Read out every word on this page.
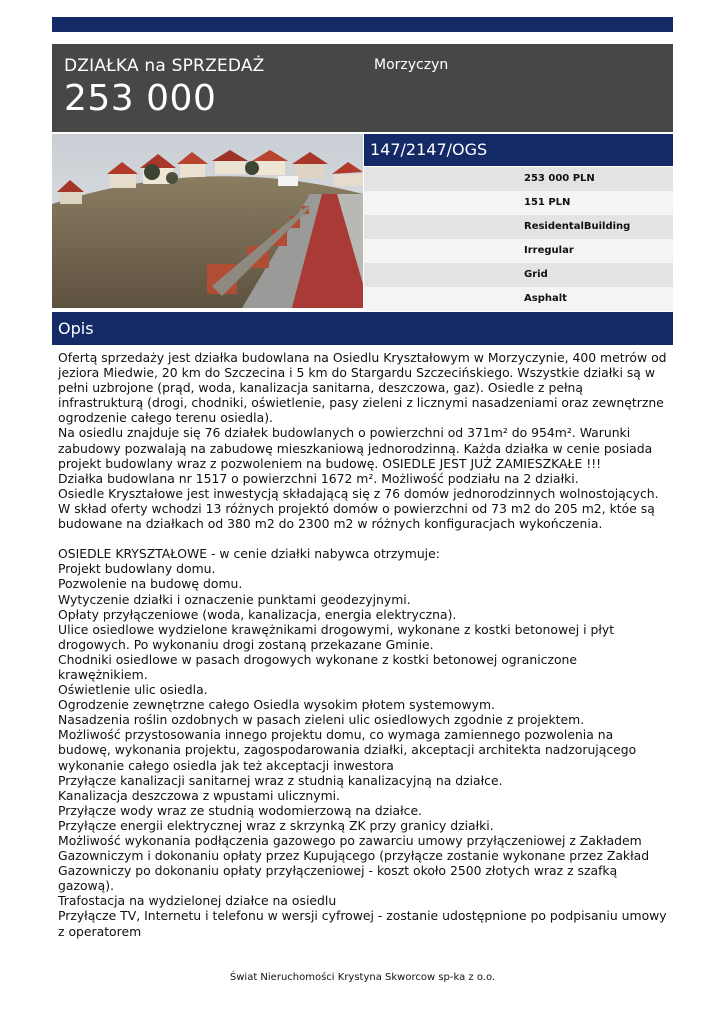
DZIAŁKA na SPRZEDAŻ
253 000
Morzyczyn
147/2147/OGS
253 000 PLN
151 PLN
ResidentalBuilding
Irregular
Grid
Asphalt
Opis

Ofertą sprzedaży jest działka budowlana na Osiedlu Kryształowym w Morzyczynie, 400 metrów od jeziora Miedwie, 20 km do Szczecina i 5 km do Stargardu Szczecińskiego. Wszystkie działki są w pełni uzbrojone (prąd, woda, kanalizacja sanitarna, deszczowa, gaz). Osiedle z pełną infrastrukturą (drogi, chodniki, oświetlenie, pasy zieleni z licznymi nasadzeniami oraz zewnętrzne ogrodzenie całego terenu osiedla).

Na osiedlu znajduje się 76 działek budowlanych o powierzchni od 371m² do 954m². Warunki zabudowy pozwalają na zabudowę mieszkaniową jednorodzinną. Każda działka w cenie posiada projekt budowlany wraz z pozwoleniem na budowę. OSIEDLE JEST JUŻ ZAMIESZKAŁE !!!

Działka budowlana nr 1517 o powierzchni 1672 m². Możliwość podziału na 2 działki.

Osiedle Kryształowe jest inwestycją składającą się z 76 domów jednorodzinnych wolnostojących. W skład oferty wchodzi 13 różnych projektó domów o powierzchni od 73 m2 do 205 m2, któe są budowane na działkach od 380 m2 do 2300 m2 w różnych konfiguracjach wykończenia.

OSIEDLE KRYSZTAŁOWE - w cenie działki nabywca otrzymuje:

Projekt budowlany domu.

Pozwolenie na budowę domu.

Wytyczenie działki i oznaczenie punktami geodezyjnymi.

Opłaty przyłączeniowe (woda, kanalizacja, energia elektryczna).

Ulice osiedlowe wydzielone krawężnikami drogowymi, wykonane z kostki betonowej i płyt drogowych. Po wykonaniu drogi zostaną przekazane Gminie.

Chodniki osiedlowe w pasach drogowych wykonane z kostki betonowej ograniczone krawężnikiem.

Oświetlenie ulic osiedla.

Ogrodzenie zewnętrzne całego Osiedla wysokim płotem systemowym.

Nasadzenia roślin ozdobnych w pasach zieleni ulic osiedlowych zgodnie z projektem.

Możliwość przystosowania innego projektu domu, co wymaga zamiennego pozwolenia na budowę, wykonania projektu, zagospodarowania działki, akceptacji architekta nadzorującego wykonanie całego osiedla jak też akceptacji inwestora

Przyłącze kanalizacji sanitarnej wraz z studnią kanalizacyjną na działce.

Kanalizacja deszczowa z wpustami ulicznymi.

Przyłącze wody wraz ze studnią wodomierzową na działce.

Przyłącze energii elektrycznej wraz z skrzynką ZK przy granicy działki.

Możliwość wykonania podłączenia gazowego po zawarciu umowy przyłączeniowej z Zakładem Gazowniczym i dokonaniu opłaty przez Kupującego (przyłącze zostanie wykonane przez Zakład Gazowniczy po dokonaniu opłaty przyłączeniowej - koszt około 2500 złotych wraz z szafką gazową).

Trafostacja na wydzielonej działce na osiedlu

Przyłącze TV, Internetu i telefonu w wersji cyfrowej - zostanie udostępnione po podpisaniu umowy z operatorem

Świat Nieruchomości Krystyna Skworcow sp-ka z o.o.
